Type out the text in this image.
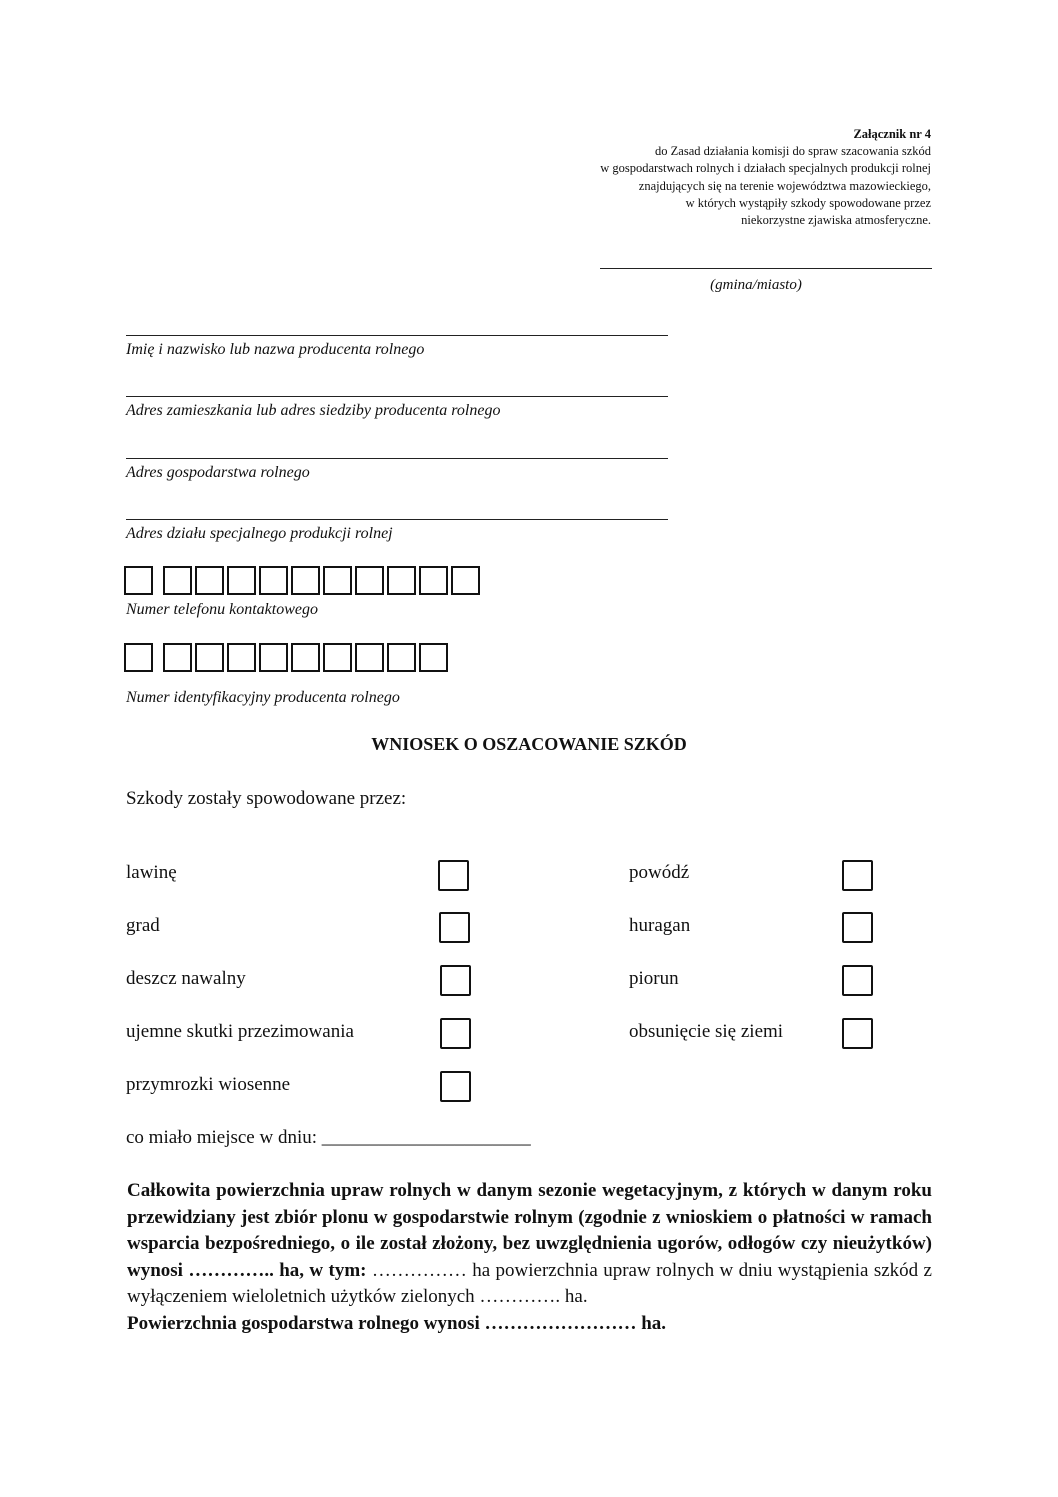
Załącznik nr 4
do Zasad działania komisji do spraw szacowania szkód
w gospodarstwach rolnych i działach specjalnych produkcji rolnej
znajdujących się na terenie województwa mazowieckiego,
w których wystąpiły szkody spowodowane przez
niekorzystne zjawiska atmosferyczne.
(gmina/miasto)
Imię i nazwisko lub nazwa producenta rolnego
Adres zamieszkania lub adres siedziby producenta rolnego
Adres gospodarstwa rolnego
Adres działu specjalnego produkcji rolnej
Numer telefonu kontaktowego
Numer identyfikacyjny producenta rolnego
WNIOSEK O OSZACOWANIE SZKÓD
Szkody zostały spowodowane przez:
lawinę
grad
deszcz nawalny
ujemne skutki przezimowania
przymrozki wiosenne
powódź
huragan
piorun
obsunięcie się ziemi
co miało miejsce w dniu: ______________________
Całkowita powierzchnia upraw rolnych w danym sezonie wegetacyjnym, z których w danym roku przewidziany jest zbiór plonu w gospodarstwie rolnym (zgodnie z wnioskiem o płatności w ramach wsparcia bezpośredniego, o ile został złożony, bez uwzględnienia ugorów, odłogów czy nieużytków) wynosi ………….. ha, w tym: …………… ha powierzchnia upraw rolnych w dniu wystąpienia szkód z wyłączeniem wieloletnich użytków zielonych …………. ha.
Powierzchnia gospodarstwa rolnego wynosi …………………… ha.
